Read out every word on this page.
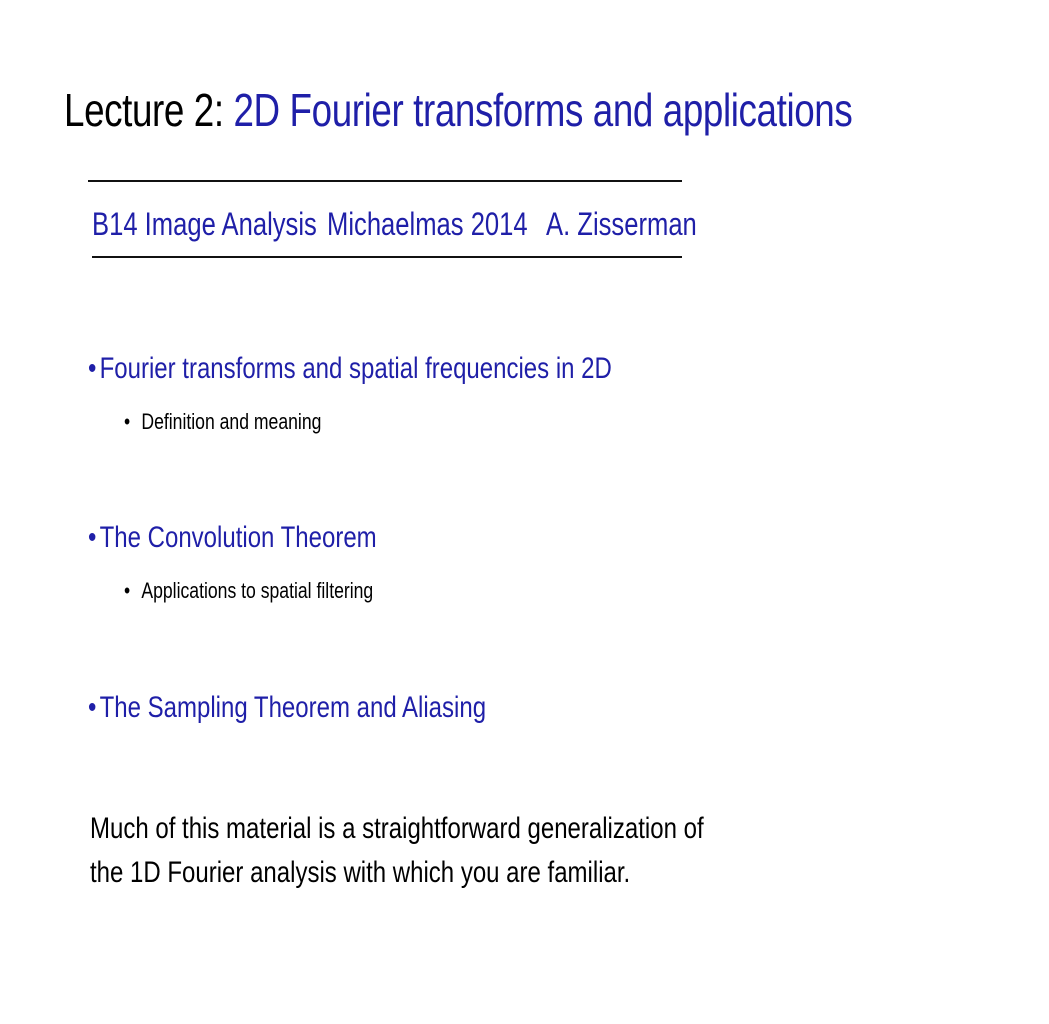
Lecture 2: 2D Fourier transforms and applications
B14 Image Analysis Michaelmas 2014 A. Zisserman
• Fourier transforms and spatial frequencies in 2D
• Definition and meaning
• The Convolution Theorem
• Applications to spatial filtering
• The Sampling Theorem and Aliasing
Much of this material is a straightforward generalization of
the 1D Fourier analysis with which you are familiar.
